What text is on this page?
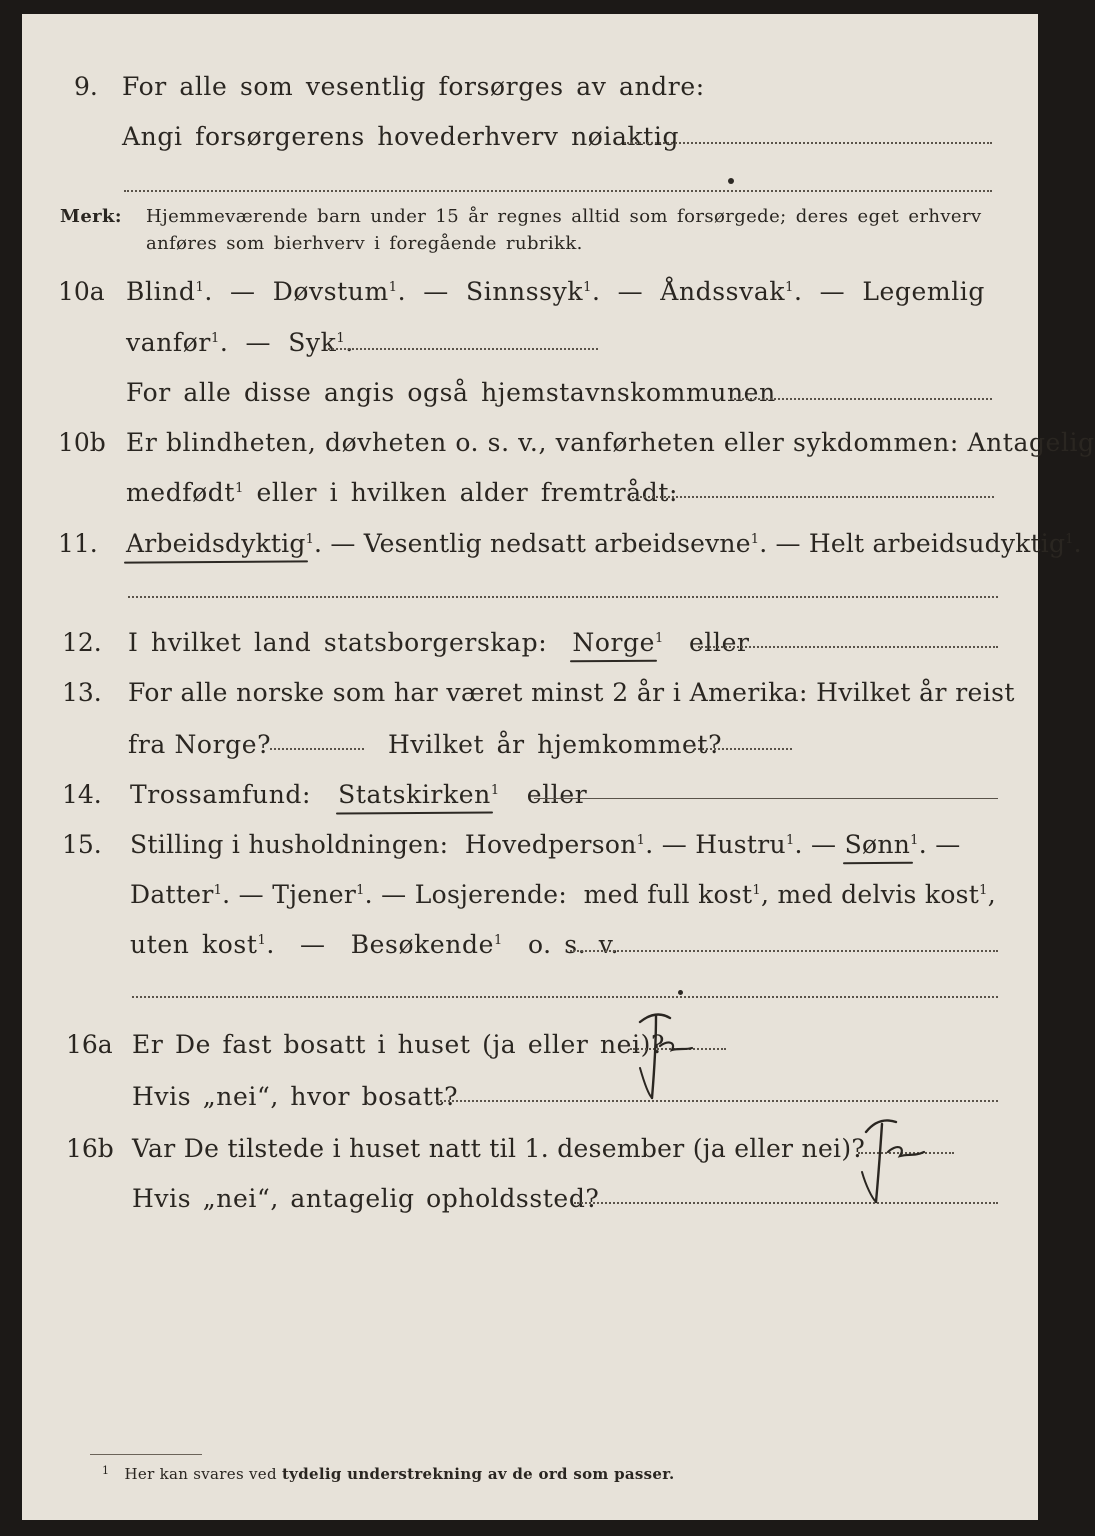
9. For alle som vesentlig forsørges av andre:
Angi forsørgerens hovederhverv nøiaktig
Merk: Hjemmeværende barn under 15 år regnes alltid som forsørgede; deres eget erhverv
anføres som bierhverv i foregående rubrikk.
10a Blind$^1$.  —  Døvstum$^1$.  —  Sinnssyk$^1$.  —  Åndssvak$^1$.  —  Legemlig
vanfør$^1$.  —  Syk$^1$.
For alle disse angis også hjemstavnskommunen
10b Er blindheten, døvheten o. s. v., vanførheten eller sykdommen: Antagelig
medfødt$^1$ eller i hvilken alder fremtrådt:
11. Arbeidsdyktig$^1$. — Vesentlig nedsatt arbeidsevne$^1$. — Helt arbeidsudyktig$^1$.
12. I hvilket land statsborgerskap: Norge$^1$ eller
13. For alle norske som har været minst 2 år i Amerika: Hvilket år reist
fra Norge?	Hvilket år hjemkommet?
14. Trossamfund: Statskirken$^1$ eller
15. Stilling i husholdningen: Hovedperson$^1$. — Hustru$^1$. — Sønn$^1$. —
Datter$^1$. — Tjener$^1$. — Losjerende: med full kost$^1$, med delvis kost$^1$,
uten kost$^1$.  —  Besøkende$^1$ o. s. v.
16a Er De fast bosatt i huset (ja eller nei)?
Hvis „nei“, hvor bosatt?
16b Var De tilstede i huset natt til 1. desember (ja eller nei)?
Hvis „nei“, antagelig opholdssted?
$^1$ Her kan svares ved tydelig understrekning av de ord som passer.
